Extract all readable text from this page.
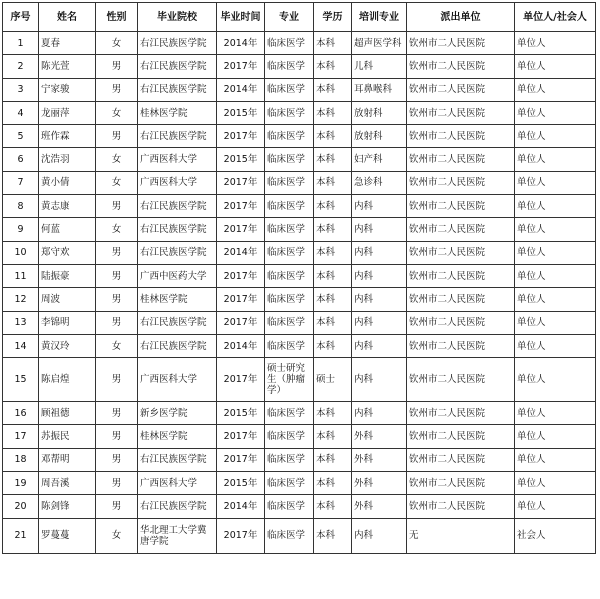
序号	姓名	性别	毕业院校	毕业时间	专业	学历	培训专业	派出单位	单位人/社会人
1	夏春	女	右江民族医学院	2014年	临床医学	本科	超声医学科	钦州市二人民医院	单位人
2	陈光萱	男	右江民族医学院	2017年	临床医学	本科	儿科	钦州市二人民医院	单位人
3	宁家骏	男	右江民族医学院	2014年	临床医学	本科	耳鼻喉科	钦州市二人民医院	单位人
4	龙丽萍	女	桂林医学院	2015年	临床医学	本科	放射科	钦州市二人民医院	单位人
5	班作霖	男	右江民族医学院	2017年	临床医学	本科	放射科	钦州市二人民医院	单位人
6	沈浩羽	女	广西医科大学	2015年	临床医学	本科	妇产科	钦州市二人民医院	单位人
7	黄小倩	女	广西医科大学	2017年	临床医学	本科	急诊科	钦州市二人民医院	单位人
8	黄志康	男	右江民族医学院	2017年	临床医学	本科	内科	钦州市二人民医院	单位人
9	何蓝	女	右江民族医学院	2017年	临床医学	本科	内科	钦州市二人民医院	单位人
10	郑守欢	男	右江民族医学院	2014年	临床医学	本科	内科	钦州市二人民医院	单位人
11	陆振豪	男	广西中医药大学	2017年	临床医学	本科	内科	钦州市二人民医院	单位人
12	周波	男	桂林医学院	2017年	临床医学	本科	内科	钦州市二人民医院	单位人
13	李锦明	男	右江民族医学院	2017年	临床医学	本科	内科	钦州市二人民医院	单位人
14	黄汉玲	女	右江民族医学院	2014年	临床医学	本科	内科	钦州市二人民医院	单位人
15	陈启煌	男	广西医科大学	2017年	硕士研究生（肿瘤学）	硕士	内科	钦州市二人民医院	单位人
16	顾祖德	男	新乡医学院	2015年	临床医学	本科	内科	钦州市二人民医院	单位人
17	苏振民	男	桂林医学院	2017年	临床医学	本科	外科	钦州市二人民医院	单位人
18	邓帮明	男	右江民族医学院	2017年	临床医学	本科	外科	钦州市二人民医院	单位人
19	周吾溪	男	广西医科大学	2015年	临床医学	本科	外科	钦州市二人民医院	单位人
20	陈剑锋	男	右江民族医学院	2014年	临床医学	本科	外科	钦州市二人民医院	单位人
21	罗蔓蔓	女	华北理工大学冀唐学院	2017年	临床医学	本科	内科	无	社会人
